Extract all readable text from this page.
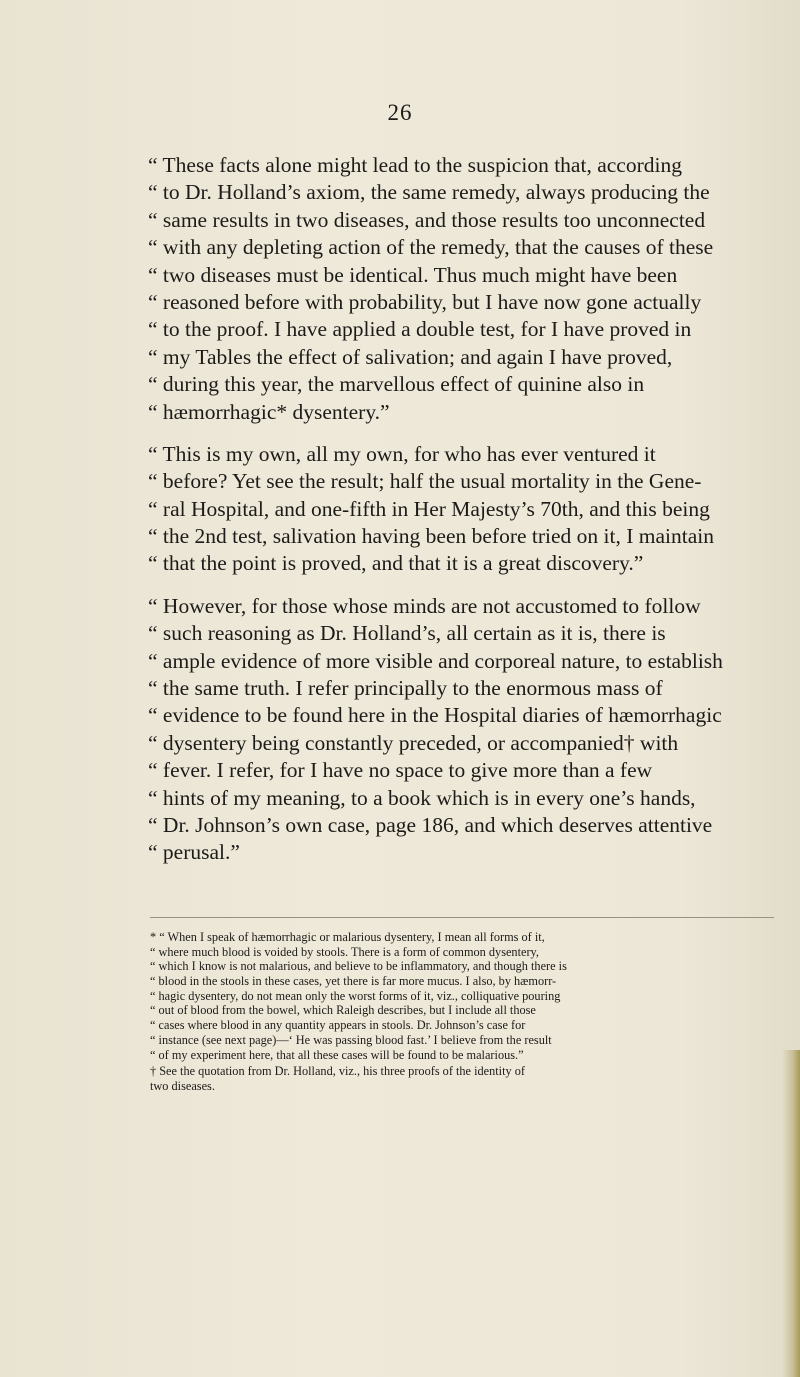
26
“ These facts alone might lead to the suspicion that, according
“ to Dr. Holland’s axiom, the same remedy, always producing the
“ same results in two diseases, and those results too unconnected
“ with any depleting action of the remedy, that the causes of these
“ two diseases must be identical. Thus much might have been
“ reasoned before with probability, but I have now gone actually
“ to the proof. I have applied a double test, for I have proved in
“ my Tables the effect of salivation; and again I have proved,
“ during this year, the marvellous effect of quinine also in
“ hæmorrhagic* dysentery.”
“ This is my own, all my own, for who has ever ventured it
“ before? Yet see the result; half the usual mortality in the Gene-
“ ral Hospital, and one-fifth in Her Majesty’s 70th, and this being
“ the 2nd test, salivation having been before tried on it, I maintain
“ that the point is proved, and that it is a great discovery.”
“ However, for those whose minds are not accustomed to follow
“ such reasoning as Dr. Holland’s, all certain as it is, there is
“ ample evidence of more visible and corporeal nature, to establish
“ the same truth. I refer principally to the enormous mass of
“ evidence to be found here in the Hospital diaries of hæmorrhagic
“ dysentery being constantly preceded, or accompanied† with
“ fever. I refer, for I have no space to give more than a few
“ hints of my meaning, to a book which is in every one’s hands,
“ Dr. Johnson’s own case, page 186, and which deserves attentive
“ perusal.”
* “ When I speak of hæmorrhagic or malarious dysentery, I mean all forms of it,
“ where much blood is voided by stools. There is a form of common dysentery,
“ which I know is not malarious, and believe to be inflammatory, and though there is
“ blood in the stools in these cases, yet there is far more mucus. I also, by hæmorr-
“ hagic dysentery, do not mean only the worst forms of it, viz., colliquative pouring
“ out of blood from the bowel, which Raleigh describes, but I include all those
“ cases where blood in any quantity appears in stools. Dr. Johnson’s case for
“ instance (see next page)—‘ He was passing blood fast.’ I believe from the result
“ of my experiment here, that all these cases will be found to be malarious.”
† See the quotation from Dr. Holland, viz., his three proofs of the identity of
two diseases.
